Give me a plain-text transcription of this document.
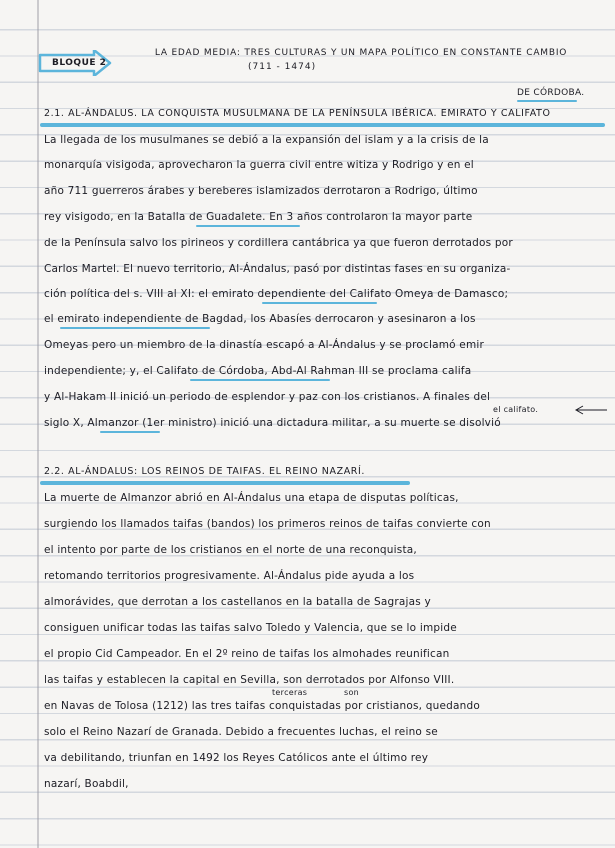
BLOQUE 2
LA EDAD MEDIA: TRES CULTURAS Y UN MAPA POLÍTICO EN CONSTANTE CAMBIO
(711 - 1474)
DE CÓRDOBA.
2.1. AL-ÁNDALUS. LA CONQUISTA MUSULMANA DE LA PENÍNSULA IBÉRICA. EMIRATO Y CALIFATO
La llegada de los musulmanes se debió a la expansión del islam y a la crisis de la
monarquía visigoda, aprovecharon la guerra civil entre witiza y Rodrigo y en el
año 711 guerreros árabes y bereberes islamizados derrotaron a Rodrigo, último
rey visigodo, en la Batalla de Guadalete. En 3 años controlaron la mayor parte
de la Península salvo los pirineos y cordillera cantábrica ya que fueron derrotados por
Carlos Martel. El nuevo territorio, Al-Ándalus, pasó por distintas fases en su organiza-
ción política del s. VIII al XI: el emirato dependiente del Califato Omeya de Damasco;
el emirato independiente de Bagdad, los Abasíes derrocaron y asesinaron a los
Omeyas pero un miembro de la dinastía escapó a Al-Ándalus y se proclamó emir
independiente; y, el Califato de Córdoba, Abd-Al Rahman III se proclama califa
y Al-Hakam II inició un periodo de esplendor y paz con los cristianos. A finales del
el califato.
siglo X, Almanzor (1er ministro) inició una dictadura militar, a su muerte se disolvió
2.2. AL-ÁNDALUS: LOS REINOS DE TAIFAS. EL REINO NAZARÍ.
La muerte de Almanzor abrió en Al-Ándalus una etapa de disputas políticas,
surgiendo los llamados taifas (bandos) los primeros reinos de taifas convierte con
el intento por parte de los cristianos en el norte de una reconquista,
retomando territorios progresivamente. Al-Ándalus pide ayuda a los
almorávides, que derrotan a los castellanos en la batalla de Sagrajas y
consiguen unificar todas las taifas salvo Toledo y Valencia, que se lo impide
el propio Cid Campeador. En el 2º reino de taifas los almohades reunifican
las taifas y establecen la capital en Sevilla, son derrotados por Alfonso VIII.
terceras	son
en Navas de Tolosa (1212) las tres taifas conquistadas por cristianos, quedando
solo el Reino Nazarí de Granada. Debido a frecuentes luchas, el reino se
va debilitando, triunfan en 1492 los Reyes Católicos ante el último rey
nazarí, Boabdil,
